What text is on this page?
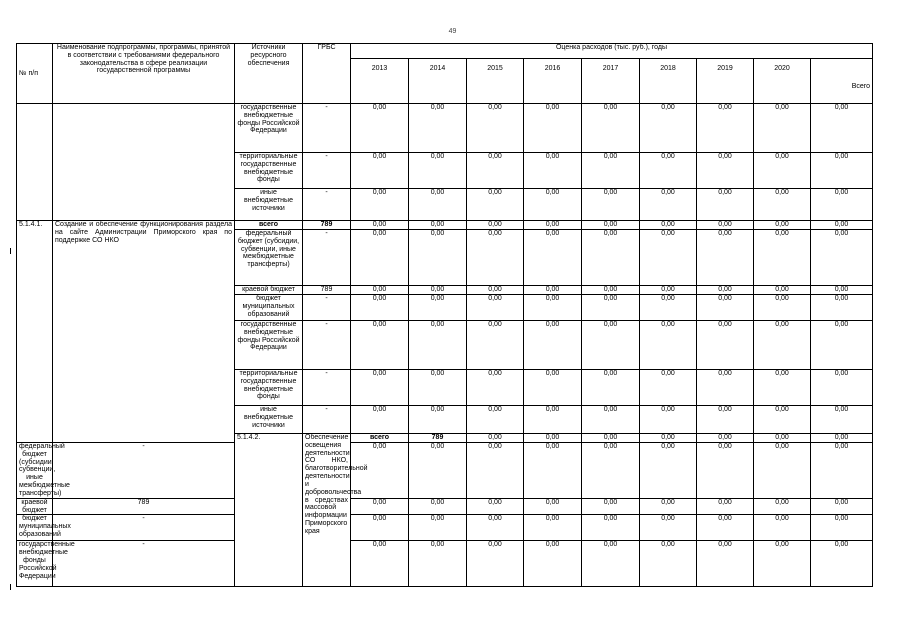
49
№ п/п	Наименование подпрограммы, программы, принятой в соответствии с требованиями федерального законодательства в сфере реализации государственной программы	Источники ресурсного обеспечения	ГРБС	Оценка расходов (тыс. руб.), годы									
				2013	2014	2015	2016	2017	2018	2019	2020	Всего	

		государственные внебюджетные фонды Российской Федерации	-	0,00	0,00	0,00	0,00	0,00	0,00	0,00	0,00	0,00	
		территориальные государственные внебюджетные фонды	-	0,00	0,00	0,00	0,00	0,00	0,00	0,00	0,00	0,00	
		иные внебюджетные источники	-	0,00	0,00	0,00	0,00	0,00	0,00	0,00	0,00	0,00	
5.1.4.1.	Создание и обеспечение функционирования раздела на сайте Администрации Приморского края по поддержке СО НКО	всего	789	0,00	0,00	0,00	0,00	0,00	0,00	0,00	0,00	0,00	
		федеральный бюджет (субсидии, субвенции, иные межбюджетные трансферты)	-	0,00	0,00	0,00	0,00	0,00	0,00	0,00	0,00	0,00	
		краевой бюджет	789	0,00	0,00	0,00	0,00	0,00	0,00	0,00	0,00	0,00	
		бюджет муниципальных образований	-	0,00	0,00	0,00	0,00	0,00	0,00	0,00	0,00	0,00	
		государственные внебюджетные фонды Российской Федерации	-	0,00	0,00	0,00	0,00	0,00	0,00	0,00	0,00	0,00	
		территориальные государственные внебюджетные фонды	-	0,00	0,00	0,00	0,00	0,00	0,00	0,00	0,00	0,00	
		иные внебюджетные источники	-	0,00	0,00	0,00	0,00	0,00	0,00	0,00	0,00	0,00	
		5.1.4.2.	Обеспечение освещения деятельности СО НКО, благотворительной деятельности и добровольчества в средствах массовой информации Приморского края	всего	789	0,00	0,00	0,00	0,00	0,00	0,00	0,00		
федеральный бюджет (субсидии, субвенции, иные межбюджетные трансферты)	-			0,00	0,00	0,00	0,00	0,00	0,00	0,00	0,00	0,00	
краевой бюджет	789			0,00	0,00	0,00	0,00	0,00	0,00	0,00	0,00	0,00	
бюджет муниципальных образований	-			0,00	0,00	0,00	0,00	0,00	0,00	0,00	0,00	0,00	
государственные внебюджетные фонды Российской Федерации	-			0,00	0,00	0,00	0,00	0,00	0,00	0,00	0,00	0,00	
